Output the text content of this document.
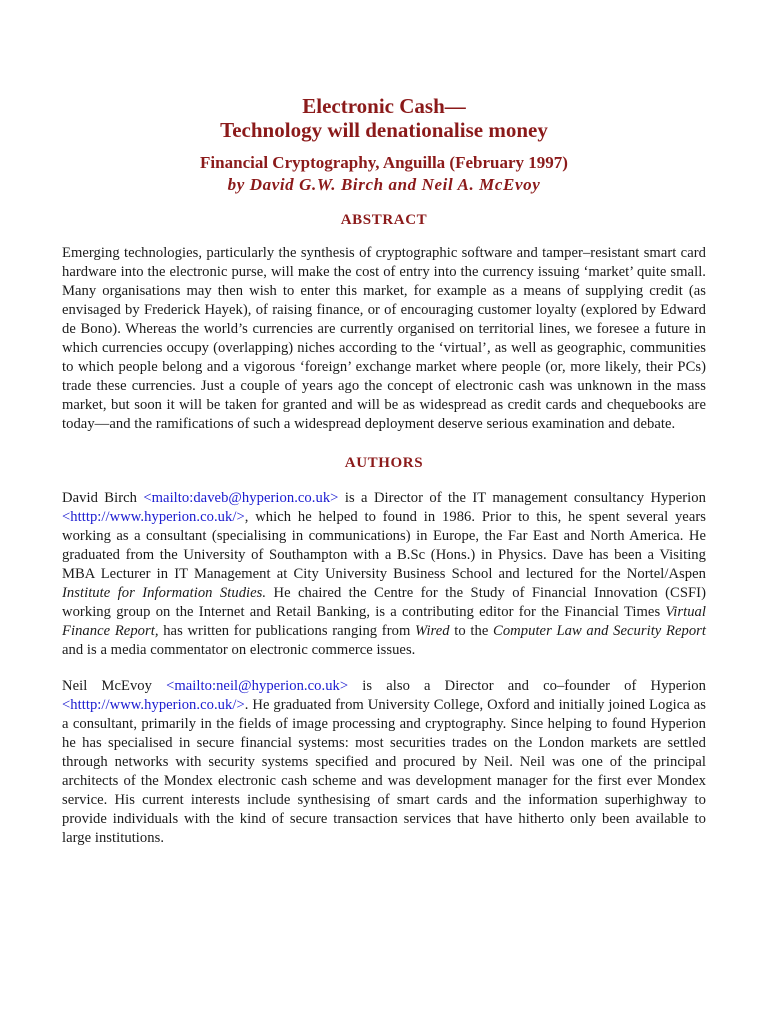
Electronic Cash—
Technology will denationalise money
Financial Cryptography, Anguilla (February 1997)
by David G.W. Birch and Neil A. McEvoy
ABSTRACT

Emerging technologies, particularly the synthesis of cryptographic software and tamper–resistant smart card hardware into the electronic purse, will make the cost of entry into the currency issuing ‘market’ quite small. Many organisations may then wish to enter this market, for example as a means of supplying credit (as envisaged by Frederick Hayek), of raising finance, or of encouraging customer loyalty (explored by Edward de Bono). Whereas the world’s currencies are currently organised on territorial lines, we foresee a future in which currencies occupy (overlapping) niches according to the ‘virtual’, as well as geographic, communities to which people belong and a vigorous ‘foreign’ exchange market where people (or, more likely, their PCs) trade these currencies. Just a couple of years ago the concept of electronic cash was unknown in the mass market, but soon it will be taken for granted and will be as widespread as credit cards and chequebooks are today—and the ramifications of such a widespread deployment deserve serious examination and debate.

AUTHORS

David Birch <mailto:daveb@hyperion.co.uk> is a Director of the IT management consultancy Hyperion <htttp://www.hyperion.co.uk/>, which he helped to found in 1986. Prior to this, he spent several years working as a consultant (specialising in communications) in Europe, the Far East and North America. He graduated from the University of Southampton with a B.Sc (Hons.) in Physics. Dave has been a Visiting MBA Lecturer in IT Management at City University Business School and lectured for the Nortel/Aspen Institute for Information Studies. He chaired the Centre for the Study of Financial Innovation (CSFI) working group on the Internet and Retail Banking, is a contributing editor for the Financial Times Virtual Finance Report, has written for publications ranging from Wired to the Computer Law and Security Report and is a media commentator on electronic commerce issues.

Neil McEvoy <mailto:neil@hyperion.co.uk> is also a Director and co–founder of Hyperion <htttp://www.hyperion.co.uk/>. He graduated from University College, Oxford and initially joined Logica as a consultant, primarily in the fields of image processing and cryptography. Since helping to found Hyperion he has specialised in secure financial systems: most securities trades on the London markets are settled through networks with security systems specified and procured by Neil. Neil was one of the principal architects of the Mondex electronic cash scheme and was development manager for the first ever Mondex service. His current interests include synthesising of smart cards and the information superhighway to provide individuals with the kind of secure transaction services that have hitherto only been available to large institutions.
